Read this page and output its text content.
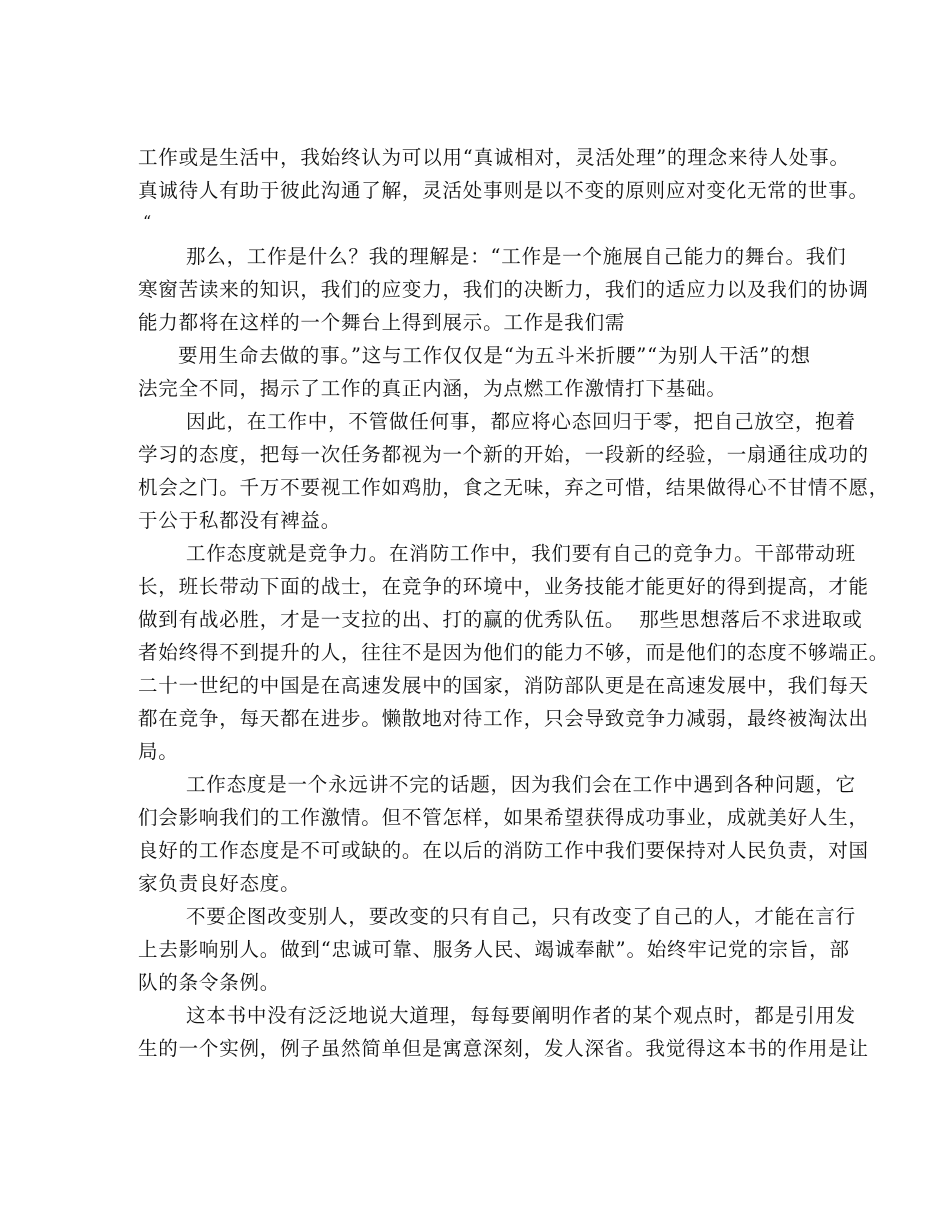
工作或是生活中，我始终认为可以用“真诚相对，灵活处理”的理念来待人处事。
真诚待人有助于彼此沟通了解，灵活处事则是以不变的原则应对变化无常的世事。
“
那么，工作是什么？我的理解是：“工作是一个施展自己能力的舞台。我们
寒窗苦读来的知识，我们的应变力，我们的决断力，我们的适应力以及我们的协调
能力都将在这样的一个舞台上得到展示。工作是我们需
要用生命去做的事。”这与工作仅仅是“为五斗米折腰”“为别人干活”的想
法完全不同，揭示了工作的真正内涵，为点燃工作激情打下基础。
因此，在工作中，不管做任何事，都应将心态回归于零，把自己放空，抱着
学习的态度，把每一次任务都视为一个新的开始，一段新的经验，一扇通往成功的
机会之门。千万不要视工作如鸡肋，食之无味，弃之可惜，结果做得心不甘情不愿，
于公于私都没有裨益。
工作态度就是竞争力。在消防工作中，我们要有自己的竞争力。干部带动班
长，班长带动下面的战士，在竞争的环境中，业务技能才能更好的得到提高，才能
做到有战必胜，才是一支拉的出、打的赢的优秀队伍。  那些思想落后不求进取或
者始终得不到提升的人，往往不是因为他们的能力不够，而是他们的态度不够端正。
二十一世纪的中国是在高速发展中的国家，消防部队更是在高速发展中，我们每天
都在竞争，每天都在进步。懒散地对待工作，只会导致竞争力减弱，最终被淘汰出
局。
工作态度是一个永远讲不完的话题，因为我们会在工作中遇到各种问题，它
们会影响我们的工作激情。但不管怎样，如果希望获得成功事业，成就美好人生，
良好的工作态度是不可或缺的。在以后的消防工作中我们要保持对人民负责，对国
家负责良好态度。
不要企图改变别人，要改变的只有自己，只有改变了自己的人，才能在言行
上去影响别人。做到“忠诚可靠、服务人民、竭诚奉献”。始终牢记党的宗旨，部
队的条令条例。
这本书中没有泛泛地说大道理，每每要阐明作者的某个观点时，都是引用发
生的一个实例，例子虽然简单但是寓意深刻，发人深省。我觉得这本书的作用是让
